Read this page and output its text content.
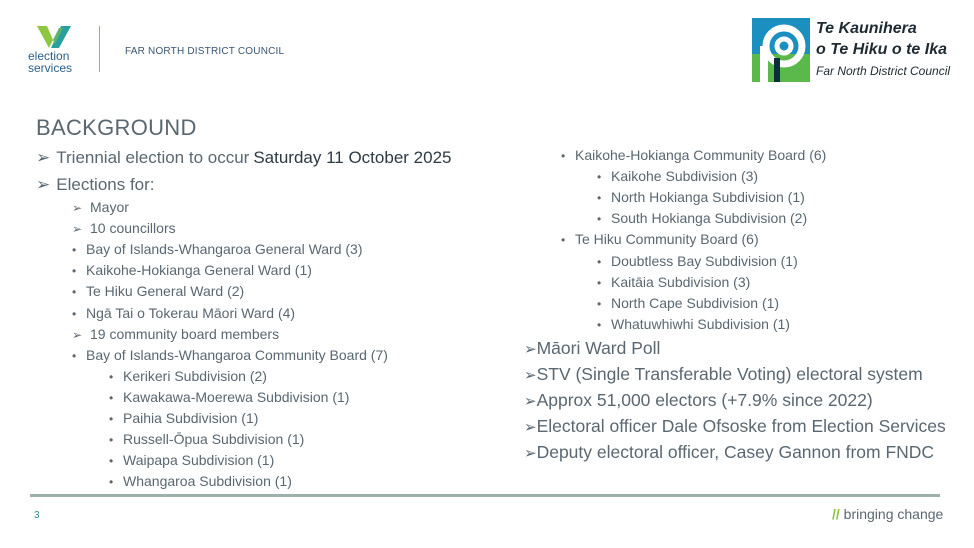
election
services
FAR NORTH DISTRICT COUNCIL
Te Kaunihera
o Te Hiku o te Ika
Far North District Council
BACKGROUND
➢ Triennial election to occur Saturday 11 October 2025
➢ Elections for:
➢
Mayor
➢
10 councillors
•
Bay of Islands-Whangaroa General Ward (3)
•
Kaikohe-Hokianga General Ward (1)
•
Te Hiku General Ward (2)
•
Ngā Tai o Tokerau Māori Ward (4)
➢
19 community board members
•
Bay of Islands-Whangaroa Community Board (7)
•
Kerikeri Subdivision (2)
•
Kawakawa-Moerewa Subdivision (1)
•
Paihia Subdivision (1)
•
Russell-Ōpua Subdivision (1)
•
Waipapa Subdivision (1)
•
Whangaroa Subdivision (1)
•
Kaikohe-Hokianga Community Board (6)
•
Kaikohe Subdivision (3)
•
North Hokianga Subdivision (1)
•
South Hokianga Subdivision (2)
•
Te Hiku Community Board (6)
•
Doubtless Bay Subdivision (1)
•
Kaitāia Subdivision (3)
•
North Cape Subdivision (1)
•
Whatuwhiwhi Subdivision (1)
➢ Māori Ward Poll
➢ STV (Single Transferable Voting) electoral system
➢ Approx 51,000 electors (+7.9% since 2022)
➢ Electoral officer Dale Ofsoske from Election Services
➢ Deputy electoral officer, Casey Gannon from FNDC
3	// bringing change
